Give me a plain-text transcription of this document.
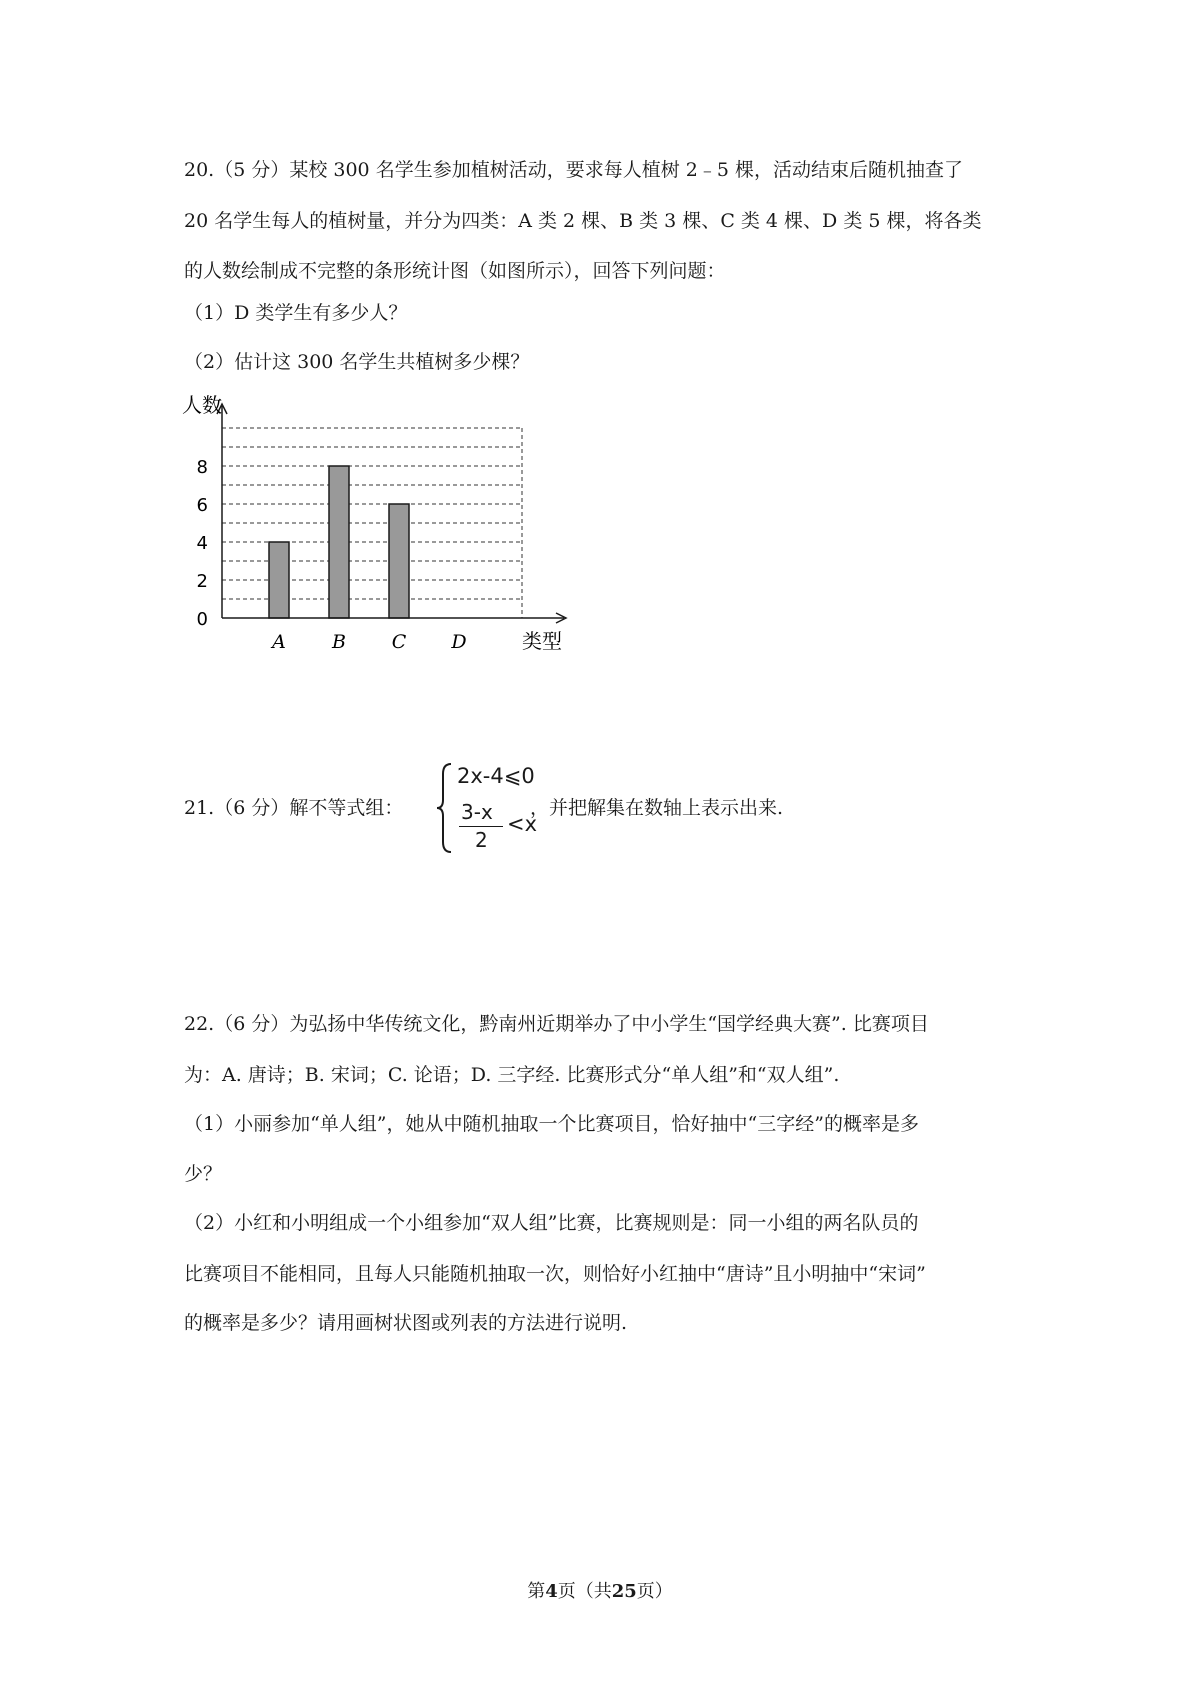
20.（5 分）某校 300 名学生参加植树活动，要求每人植树 2﹣5 棵，活动结束后随机抽查了
20 名学生每人的植树量，并分为四类：A 类 2 棵、B 类 3 棵、C 类 4 棵、D 类 5 棵，将各类
的人数绘制成不完整的条形统计图（如图所示），回答下列问题：
（1）D 类学生有多少人？
（2）估计这 300 名学生共植树多少棵？
0
2
4
6
8
A B C D
人数
类型
21.（6 分）解不等式组：
2x-4⩽0
3-x
2
<x
，并把解集在数轴上表示出来.
22.（6 分）为弘扬中华传统文化，黔南州近期举办了中小学生“国学经典大赛”. 比赛项目
为：A. 唐诗；B. 宋词；C. 论语；D. 三字经. 比赛形式分“单人组”和“双人组”.
（1）小丽参加“单人组”，她从中随机抽取一个比赛项目，恰好抽中“三字经”的概率是多
少？
（2）小红和小明组成一个小组参加“双人组”比赛，比赛规则是：同一小组的两名队员的
比赛项目不能相同，且每人只能随机抽取一次，则恰好小红抽中“唐诗”且小明抽中“宋词”
的概率是多少？请用画树状图或列表的方法进行说明.
第4页（共25页）
